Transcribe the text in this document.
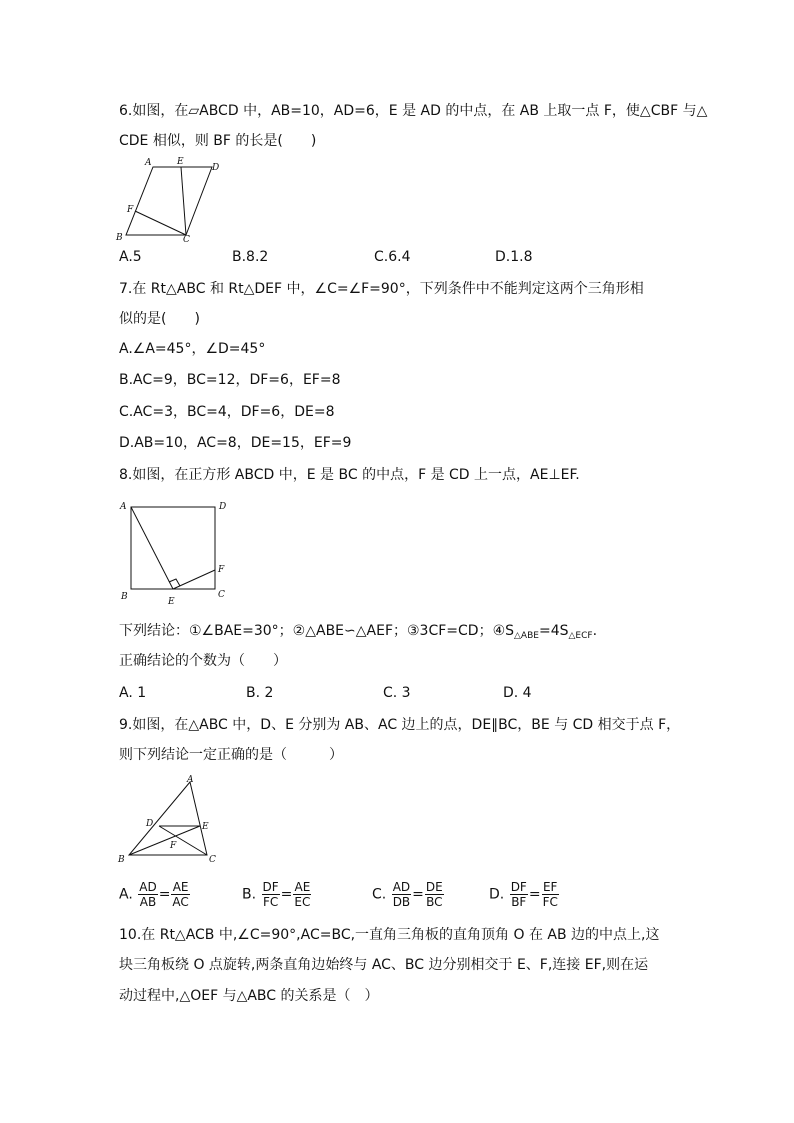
6.如图，在▱ABCD 中，AB=10，AD=6，E 是 AD 的中点，在 AB 上取一点 F，使△CBF 与△
CDE 相似，则 BF 的长是(　　)
A	E
D
F
B	C
A.5	B.8.2	C.6.4	D.1.8
7.在 Rt△ABC 和 Rt△DEF 中，∠C=∠F=90°，下列条件中不能判定这两个三角形相
似的是(　　)
A.∠A=45°，∠D=45°
B.AC=9，BC=12，DF=6，EF=8
C.AC=3，BC=4，DF=6，DE=8
D.AB=10，AC=8，DE=15，EF=9
8.如图，在正方形 ABCD 中，E 是 BC 的中点，F 是 CD 上一点，AE⊥EF.
A	D
F
B	E
C
下列结论：①∠BAE=30°；②△ABE∽△AEF；③3CF=CD；$④S_{\triangle ABE}=4S_{\triangle ECF}$.
正确结论的个数为（　　）
A. 1	B. 2	C. 3	D. 4
9.如图，在△ABC 中，D、E 分别为 AB、AC 边上的点，DE∥BC，BE 与 CD 相交于点 F，
则下列结论一定正确的是（　　　）
A
D	E
F
B	C
A. $\frac{AD}{AB} = \frac{AE}{AC}$	B. $\frac{DF}{FC} = \frac{AE}{EC}$	C. $\frac{AD}{DB} = \frac{DE}{BC}$	D. $\frac{DF}{BF} = \frac{EF}{FC}$
10.在 Rt△ACB 中,∠C=90°,AC=BC,一直角三角板的直角顶角 O 在 AB 边的中点上,这
块三角板绕 O 点旋转,两条直角边始终与 AC、BC 边分别相交于 E、F,连接 EF,则在运
动过程中,△OEF 与△ABC 的关系是（　）
